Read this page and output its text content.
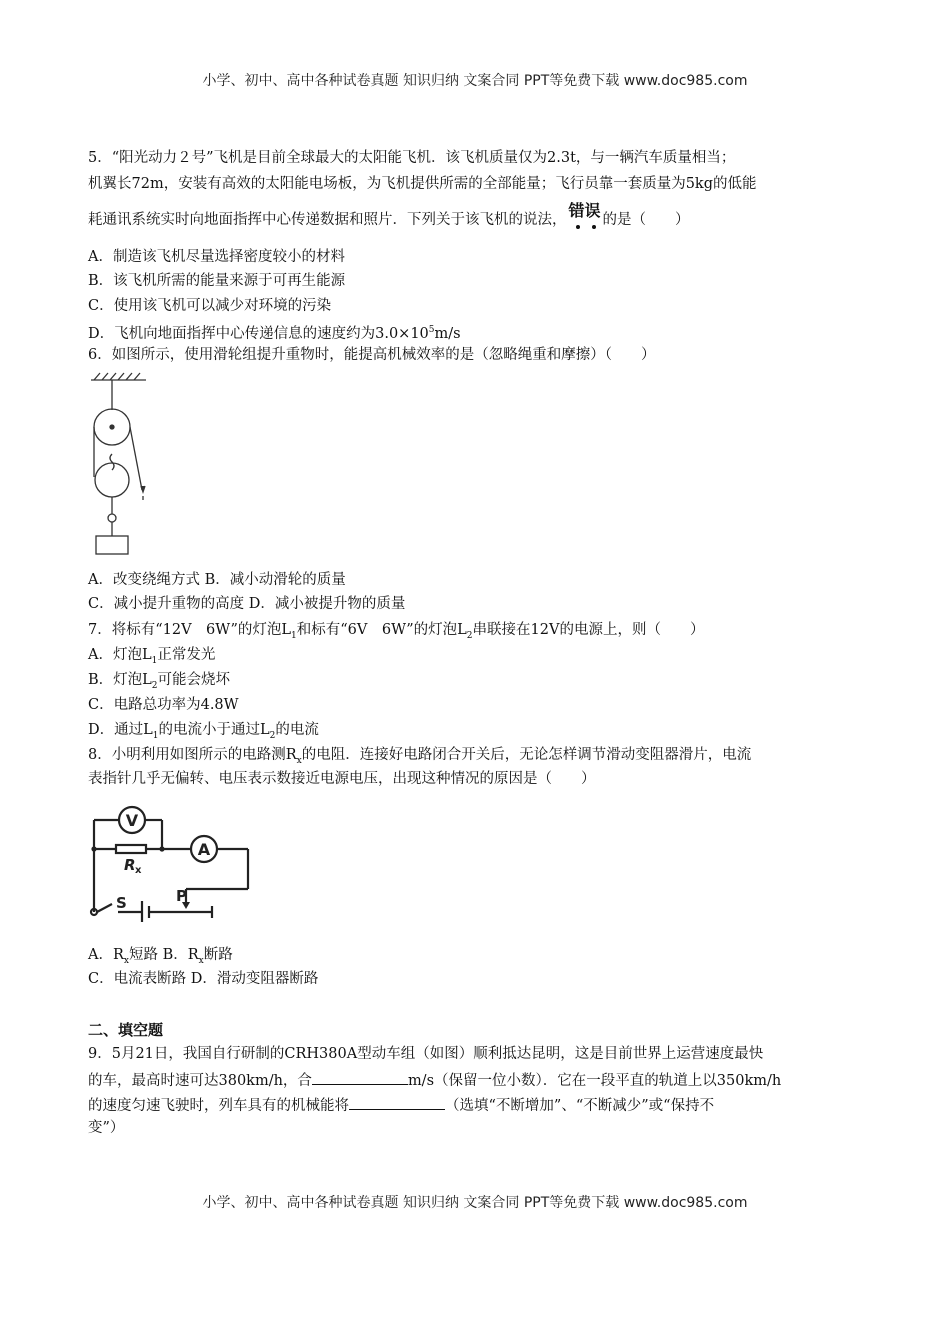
小学、初中、高中各种试卷真题 知识归纳 文案合同 PPT等免费下载 www.doc985.com
小学、初中、高中各种试卷真题 知识归纳 文案合同 PPT等免费下载 www.doc985.com
5．“阳光动力２号”飞机是目前全球最大的太阳能飞机．该飞机质量仅为2.3t，与一辆汽车质量相当；
机翼长72m，安装有高效的太阳能电场板，为飞机提供所需的全部能量；飞行员靠一套质量为5kg的低能
耗通讯系统实时向地面指挥中心传递数据和照片．下列关于该飞机的说法， 错误 的是（　　）
A．制造该飞机尽量选择密度较小的材料
B．该飞机所需的能量来源于可再生能源
C．使用该飞机可以减少对环境的污染
D．飞机向地面指挥中心传递信息的速度约为$3.0\times 10^5m/s$
6．如图所示，使用滑轮组提升重物时，能提高机械效率的是（忽略绳重和摩擦）（　　）
A．改变绕绳方式 B．减小动滑轮的质量
C．减小提升重物的高度 D．减小被提升物的质量
7．将标有“12V　6W”的灯泡$L_1$和标有“6V　6W”的灯泡$L_2$串联接在12V的电源上，则（　　）
A．灯泡$L_1$正常发光
B．灯泡$L_2$可能会烧坏
C．电路总功率为4.8W
D．通过$L_1$的电流小于通过$L_2$的电流
8．小明利用如图所示的电路测$R_x$的电阻．连接好电路闭合开关后，无论怎样调节滑动变阻器滑片，电流
表指针几乎无偏转、电压表示数接近电源电压，出现这种情况的原因是（　　）
V
A
R x
S	P
A．$R_x$短路 B．$R_x$断路
C．电流表断路 D．滑动变阻器断路
二、填空题
9．5月21日，我国自行研制的CRH380A型动车组（如图）顺利抵达昆明，这是目前世界上运营速度最快
的车，最高时速可达380km/h，合	m/s（保留一位小数）．它在一段平直的轨道上以350km/h
的速度匀速飞驶时，列车具有的机械能将	（选填“不断增加”、“不断减少”或“保持不
变”）
